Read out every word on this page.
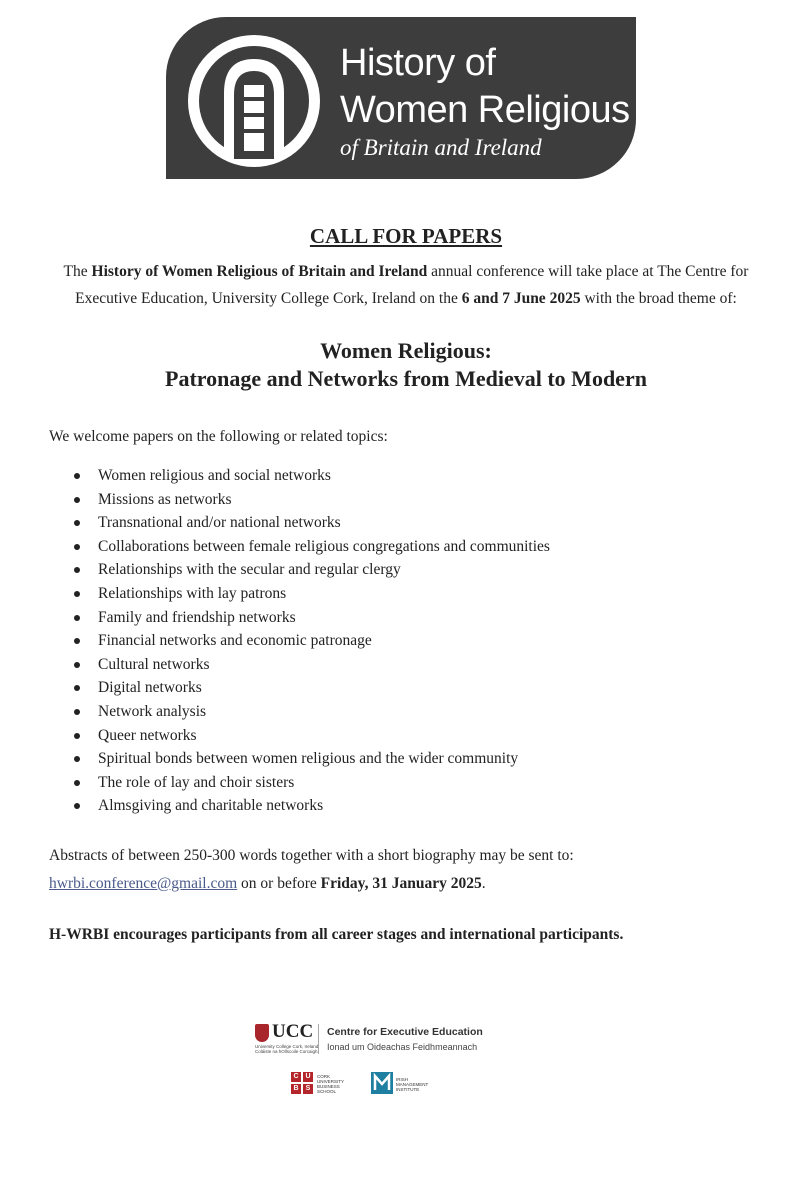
History of
Women Religious
of Britain and Ireland
CALL FOR PAPERS
The History of Women Religious of Britain and Ireland annual conference will take place at The Centre for Executive Education, University College Cork, Ireland on the 6 and 7 June 2025 with the broad theme of:
Women Religious:
Patronage and Networks from Medieval to Modern
We welcome papers on the following or related topics:
Women religious and social networks
Missions as networks
Transnational and/or national networks
Collaborations between female religious congregations and communities
Relationships with the secular and regular clergy
Relationships with lay patrons
Family and friendship networks
Financial networks and economic patronage
Cultural networks
Digital networks
Network analysis
Queer networks
Spiritual bonds between women religious and the wider community
The role of lay and choir sisters
Almsgiving and charitable networks
Abstracts of between 250-300 words together with a short biography may be sent to:
hwrbi.conference@gmail.com on or before Friday, 31 January 2025.
H-WRBI encourages participants from all career stages and international participants.
UCC
University College Cork, Ireland
Coláiste na hOllscoile Corcaigh
Centre for Executive Education
Ionad um Oideachas Feidhmeannach
C U
B	S
CORK
UNIVERSITY
BUSINESS
SCHOOL
IRISH
MANAGEMENT
INSTITUTE
